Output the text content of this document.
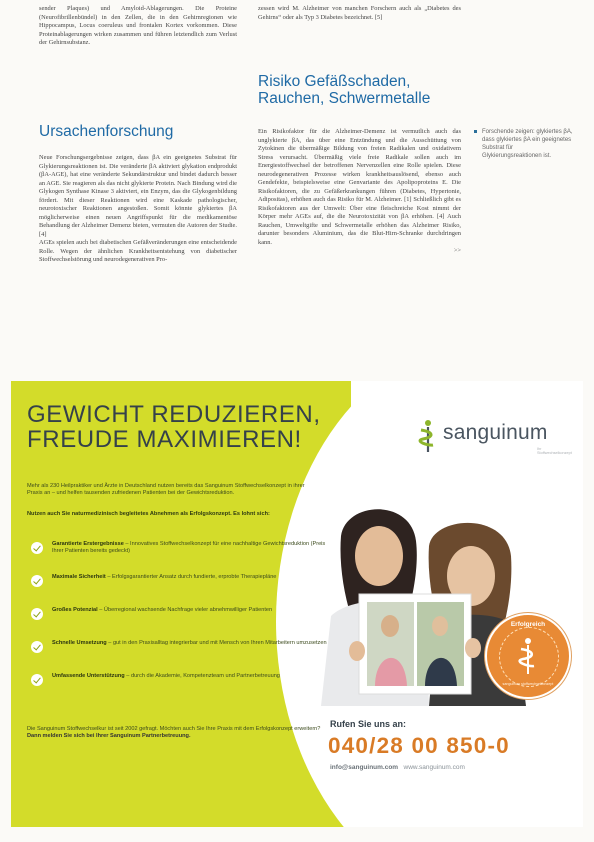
sender Plaques) und Amyloid-Ablagerungen. Die Proteine (Neurofibrillenbündel) in den Zellen, die in den Gehirnregionen wie Hippocampus, Locus coeruleus und frontalen Kortex vorkommen. Diese Proteinablagerungen wirken zusammen und führen letztendlich zum Verlust der Gehirnsubstanz.

Ursachenforschung

Neue Forschungsergebnisse zeigen, dass βA ein geeignetes Substrat für Glykierungsreaktionen ist. Die veränderte βA aktiviert glykation endprodukt (βA-AGE), hat eine veränderte Sekundärstruktur und bindet dadurch besser an AGE. Sie reagieren als das nicht glykierte Protein. Nach Bindung wird die Glykogen Synthase Kinase 3 aktiviert, ein Enzym, das die Glykogenbildung fördert. Mit dieser Reaktionen wird eine Kaskade pathologischer, neurotoxischer Reaktionen angestoßen. Somit könnte glykiertes βA möglicherweise einen neuen Angriffspunkt für die medikamentöse Behandlung der Alzheimer Demenz bieten, vermuten die Autoren der Studie. [4]

AGEs spielen auch bei diabetischen Gefäßveränderungen eine entscheidende Rolle. Wegen der ähnlichen Krankheitsentstehung von diabetischer Stoffwechselstörung und neurodegenerativen Pro-

zessen wird M. Alzheimer von manchen Forschern auch als „Diabetes des Gehirns“ oder als Typ 3 Diabetes bezeichnet. [5]

Risiko Gefäßschaden, Rauchen, Schwermetalle

Ein Risikofaktor für die Alzheimer-Demenz ist vermutlich auch das unglykierte βA, das über eine Entzündung und die Ausschüttung von Zytokinen die übermäßige Bildung von freien Radikalen und oxidativem Stress verursacht. Übermäßig viele freie Radikale sollen auch im Energiestoffwechsel der betroffenen Nervenzellen eine Rolle spielen. Diese neurodegenerativen Prozesse wirken krankheitsauslösend, ebenso auch Gendefekte, beispielsweise eine Genvariante des Apolipoproteins E. Die Risikofaktoren, die zu Gefäßerkrankungen führen (Diabetes, Hypertonie, Adipositas), erhöhen auch das Risiko für M. Alzheimer. [1] Schließlich gibt es Risikofaktoren aus der Umwelt: Über eine fleischreiche Kost nimmt der Körper mehr AGEs auf, die die Neurotoxizität von βA erhöhen. [4] Auch Rauchen, Umweltgifte und Schwermetalle erhöhen das Alzheimer Risiko, darunter besonders Aluminium, das die Blut-Hirn-Schranke durchdringen kann.

>>

Forschende zeigen: glykiertes βA, dass glykiertes βA ein geeignetes Substrat für Glykierungsreaktionen ist.
GEWICHT REDUZIEREN,
FREUDE MAXIMIEREN!
Mehr als 230 Heilpraktiker und Ärzte in Deutschland nutzen bereits das Sanguinum Stoffwechselkonzept in ihrer Praxis an – und helfen tausenden zufriedenen Patienten bei der Gewichtsreduktion.
Nutzen auch Sie naturmedizinisch begleitetes Abnehmen als Erfolgskonzept. Es lohnt sich:
Garantierte Erstergebnisse – Innovatives Stoffwechselkonzept für eine nachhaltige Gewichtsreduktion (Preis Ihrer Patienten bereits gedeckt)
Maximale Sicherheit – Erfolgsgarantierter Ansatz durch fundierte, erprobte Therapiepläne
Großes Potenzial – Überregional wachsende Nachfrage vieler abnehmwilliger Patienten
Schnelle Umsetzung – gut in den Praxisalltag integrierbar und mit Mensch von Ihren Mitarbeitern umzusetzen
Umfassende Unterstützung – durch die Akademie, Kompetenzteam und Partnerbetreuung
Die Sanguinum Stoffwechselkur ist seit 2002 gefragt. Möchten auch Sie Ihre Praxis mit dem Erfolgskonzept erweitern?
Dann melden Sie sich bei Ihrer Sanguinum Partnerbetreuung.
sanguinum
Ihr Stoffwechselkonzept
Erfolgreich
sanguinum stoffwechselkonzept
Rufen Sie uns an:
040/28 00 850-0
info@sanguinum.com www.sanguinum.com
